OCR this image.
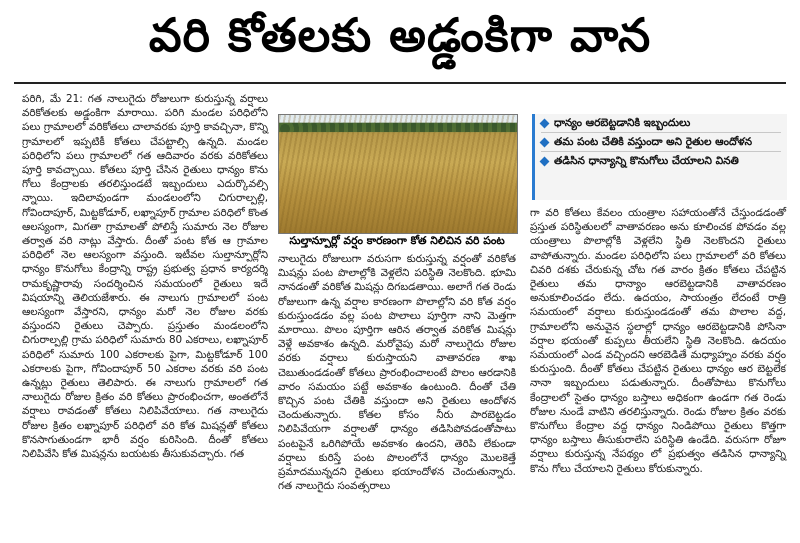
వరి కోతలకు అడ్డంకిగా వాన

పరిగి, మే 21: గత నాలుగైదు రోజులుగా కురుస్తున్న వర్షాలు వరికోతలకు అడ్డంకిగా మారాయి. పరిగి మండల పరిధిలోని పలు గ్రామాలలో వరికోతలు చాలావరకు పూర్తి కావచ్చినా, కొన్ని గ్రామాలలో ఇప్పటికీ కోతలు చేపట్టాల్సి ఉన్నది. మండల పరిధిలోని పలు గ్రామాలలో గత ఆదివారం వరకు వరికోతలు పూర్తి కావచ్చాయి. కోతలు పూర్తి చేసిన రైతులు ధాన్యం కొను గోలు కేంద్రాలకు తరలిస్తుండటే ఇబ్బందులు ఎదుర్కొవల్సి న్నాయి. ఇదిలావుండగా మండలంలోని చిగురాల్పల్లి, గోవిందాపూర్, మిట్టకోడూర్, లఖ్నాపూర్ గ్రామాల పరిధిలో కొంత ఆలస్యంగా, మిగతా గ్రామాలతో పోలిస్తే సుమారు నెల రోజుల తర్వాత వరి నాట్లు వేస్తారు. దీంతో పంట కోత ఆ గ్రామాల పరిధిలో నెల ఆలస్యంగా వస్తుంది. ఇటీవల సుల్తాన్పూర్లోని ధాన్యం కొనుగోలు కేంద్రాన్ని రాష్ట్ర ప్రభుత్వ ప్రధాన కార్యదర్శి రామకృష్ణారావు సందర్శించిన సమయంలో రైతులు ఇదే విషయాన్ని తెలియజేశారు. ఈ నాలుగు గ్రామాలలో పంట ఆలస్యంగా వేస్తారని, ధాన్యం మరో నెల రోజుల వరకు వస్తుందని రైతులు చెప్పారు. ప్రస్తుతం మండలంలోని చిగురాల్పల్లి గ్రామ పరిధిలో సుమారు 80 ఎకరాలు, లఖ్నాపూర్ పరిధిలో సుమారు 100 ఎకరాలకు పైగా, మిట్టకోడూర్ 100 ఎకరాలకు పైగా, గోవిందాపూర్ 50 ఎకరాల వరకు వరి పంట ఉన్నట్లు రైతులు తెలిపారు. ఈ నాలుగు గ్రామాలలో గత నాలుగైదు రోజుల క్రితం వరి కోతలు ప్రారంభించగా, అంతలోనే వర్షాలు రావడంతో కోతలు నిలిపివేయాలు. గత నాలుగైదు రోజుల క్రితం లఖ్నాపూర్ పరిధిలో వరి కోత మిషన్లతో కోతలు కొనసాగుతుండగా భారీ వర్షం కురిసింది. దీంతో కోతలు నిలిపివేసి కోత మిషన్లను బయటకు తీసుకువచ్చారు. గత

సుల్తాన్పూర్లో వర్షం కారణంగా కోత నిలిచిన వరి పంట

నాలుగైదు రోజులుగా వరుసగా కురుస్తున్న వర్షంతో వరికోత మిషన్లు పంట పొలాల్లోకి వెళ్లలేని పరిస్థితి నెలకొంది. భూమి నానడంతో వరికోత మిషన్లు దిగబడతాయి. అలాగే గత రెండు రోజులుగా ఉన్న వర్షాల కారణంగా పొలాల్లోని వరి కోత వర్షం కురుస్తుండడం వల్ల పంట పొలాలు పూర్తిగా నాని మెత్తగా మారాయి. పొలం పూర్తిగా ఆరిన తర్వాత వరికోత మిషన్లు వెళ్లే అవకాశం ఉన్నది. మరోవైపు మరో నాలుగైదు రోజుల వరకు వర్షాలు కురుస్తాయని వాతావరణ శాఖ చెబుతుండడంతో కోతలు ప్రారంభించాలంటే పొలం ఆరడానికి వారం సమయం పట్టే అవకాశం ఉంటుంది. దీంతో చేతి కొచ్చిన పంట చేతికి వస్తుందా అని రైతులు ఆందోళన చెందుతున్నారు. కోతల కోసం నీరు పారబెట్టడం నిలిపివేయగా వర్షాలతో ధాన్యం తడిసిపోవడంతోపాటు పంటపైనే ఒరిగిపోయే అవకాశం ఉందని, తెరిపి లేకుండా వర్షాలు కురిస్తే పంట పొలంలోనే ధాన్యం మొలకెత్తే ప్రమాదమున్నదని రైతులు భయాందోళన చెందుతున్నారు. గత నాలుగైదు సంవత్సరాలు

ధాన్యం ఆరబెట్టడానికి ఇబ్బందులు
తమ పంట చేతికి వస్తుందా అని రైతుల ఆందోళన
తడిసిన ధాన్యాన్ని కొనుగోలు చేయాలని వినతి

గా వరి కోతలు కేవలం యంత్రాల సహాయంతోనే చేస్తుండడంతో ప్రస్తుత పరిస్థితులలో వాతావరణం అను కూలించక పోవడం వల్ల యంత్రాలు పొలాల్లోకి వెళ్లలేని స్థితి నెలకొందని రైతులు వాపోతున్నారు. మండల పరిధిలోని పలు గ్రామాలలో వరి కోతలు చివరి దశకు చేరుకున్న చోట గత వారం క్రితం కోతలు చేపట్టిన రైతులు తమ ధాన్యాం ఆరబెట్టడానికి వాతావరణం అనుకూలించడం లేదు. ఉదయం, సాయంత్రం లేదంటే రాత్రి సమయంలో వర్షాలు కురుస్తుండడంతో తమ పొలాల వద్ద, గ్రామాలలోని అనువైన స్థలాల్లో ధాన్యం ఆరబెట్టడానికి పోసినా వర్షాల భయంతో కుప్పలు తీయలేని స్థితి నెలకొంది. ఉదయం సమయంలో ఎండ వచ్చిందని ఆరబెడితే మధ్యాహ్నం వరకు వర్షం కురుస్తుంది. దీంతో కోతలు చేపట్టిన రైతులు ధాన్యం ఆర బెట్టలేక నానా ఇబ్బందులు పడుతున్నారు. దీంతోపాటు కొనుగోలు కేంద్రాలలో సైతం ధాన్యం బస్తాలు అధికంగా ఉండగా గత రెండు రోజుల నుండే వాటిని తరలిస్తున్నారు. రెండు రోజుల క్రితం వరకు కొనుగోలు కేంద్రాల వద్ద ధాన్యం నిండిపోయి రైతులు కొత్తగా ధాన్యం బస్తాలు తీసుకురాలేని పరిస్థితి ఉండేది. వరుసగా రోజూ వర్షాలు కురుస్తున్న నేపథ్యం లో ప్రభుత్వం తడిసిన ధాన్యాన్ని కొను గోలు చేయాలని రైతులు కోరుకున్నారు.
